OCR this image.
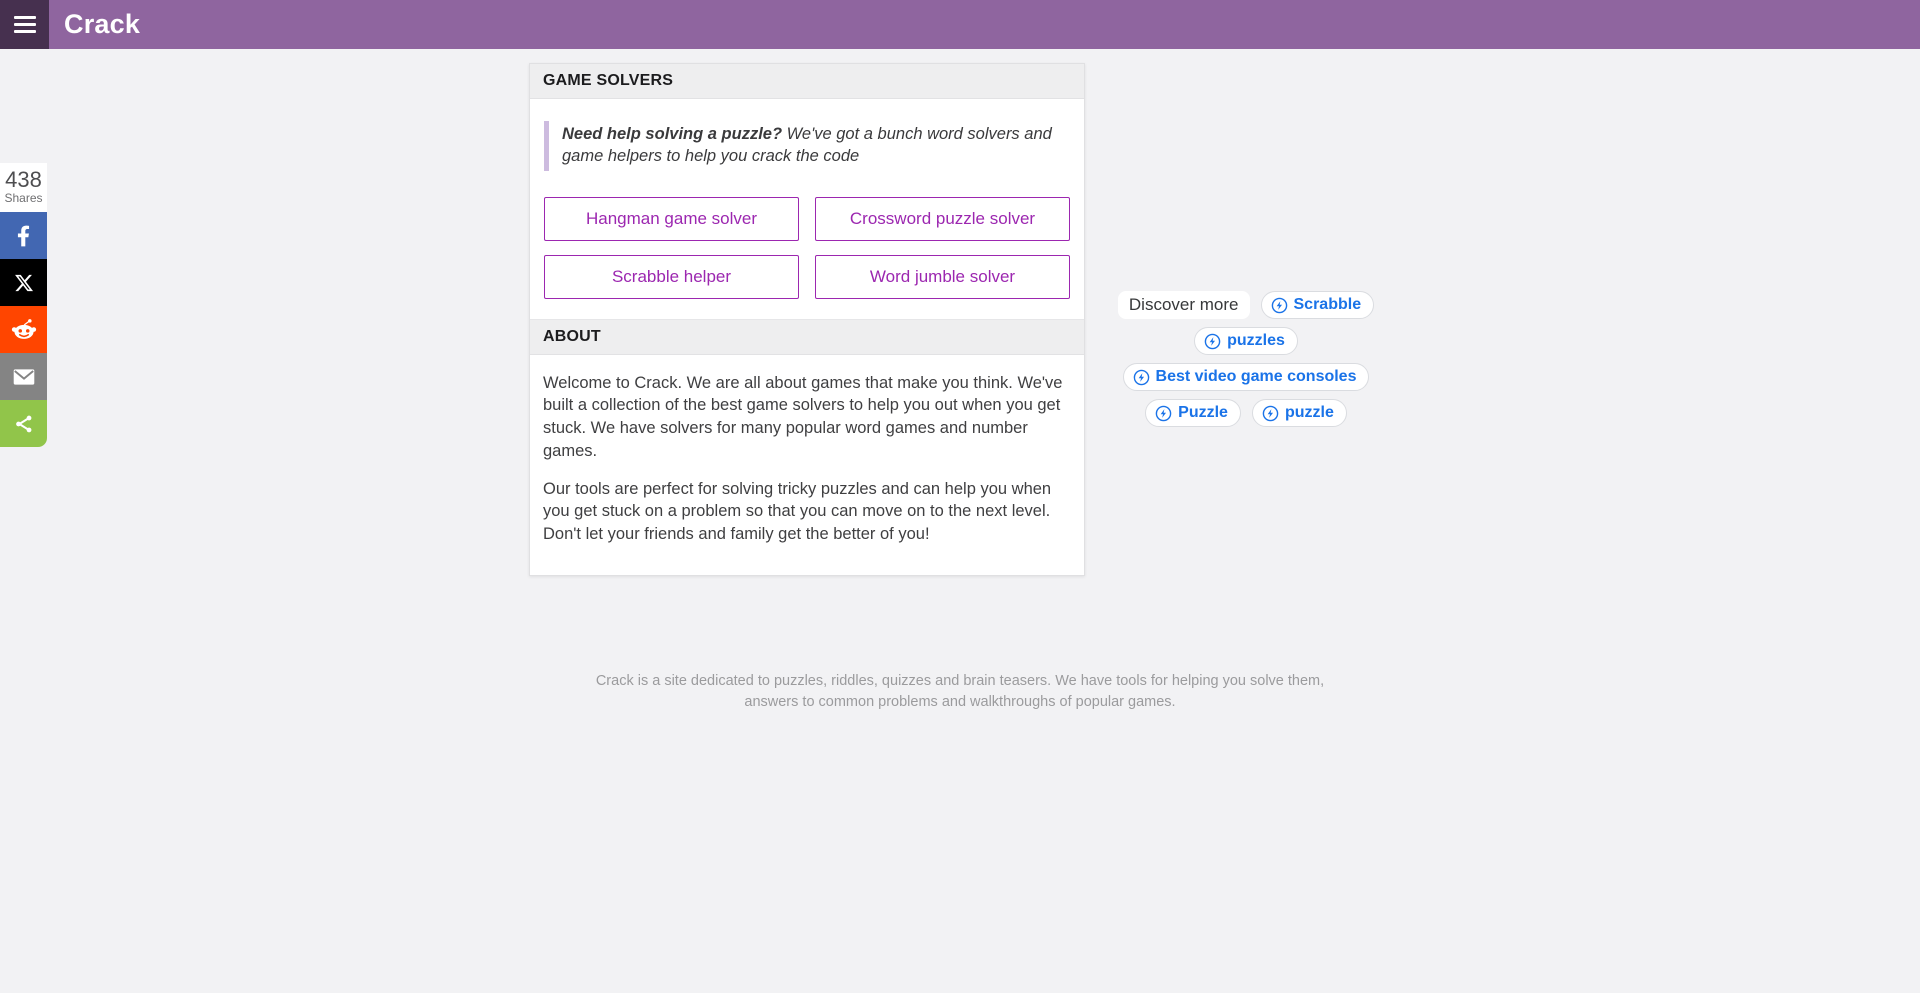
Crack
438
Shares
GAME SOLVERS
Need help solving a puzzle? We've got a bunch word solvers and game helpers to help you crack the code
Hangman game solver	Crossword puzzle solver
Scrabble helper	Word jumble solver
ABOUT

Welcome to Crack. We are all about games that make you think. We've built a collection of the best game solvers to help you out when you get stuck. We have solvers for many popular word games and number games.

Our tools are perfect for solving tricky puzzles and can help you when you get stuck on a problem so that you can move on to the next level. Don't let your friends and family get the better of you!

Discover more	Scrabble
puzzles
Best video game consoles
Puzzle	puzzle

Crack is a site dedicated to puzzles, riddles, quizzes and brain teasers. We have tools for helping you solve them, answers to common problems and walkthroughs of popular games.
